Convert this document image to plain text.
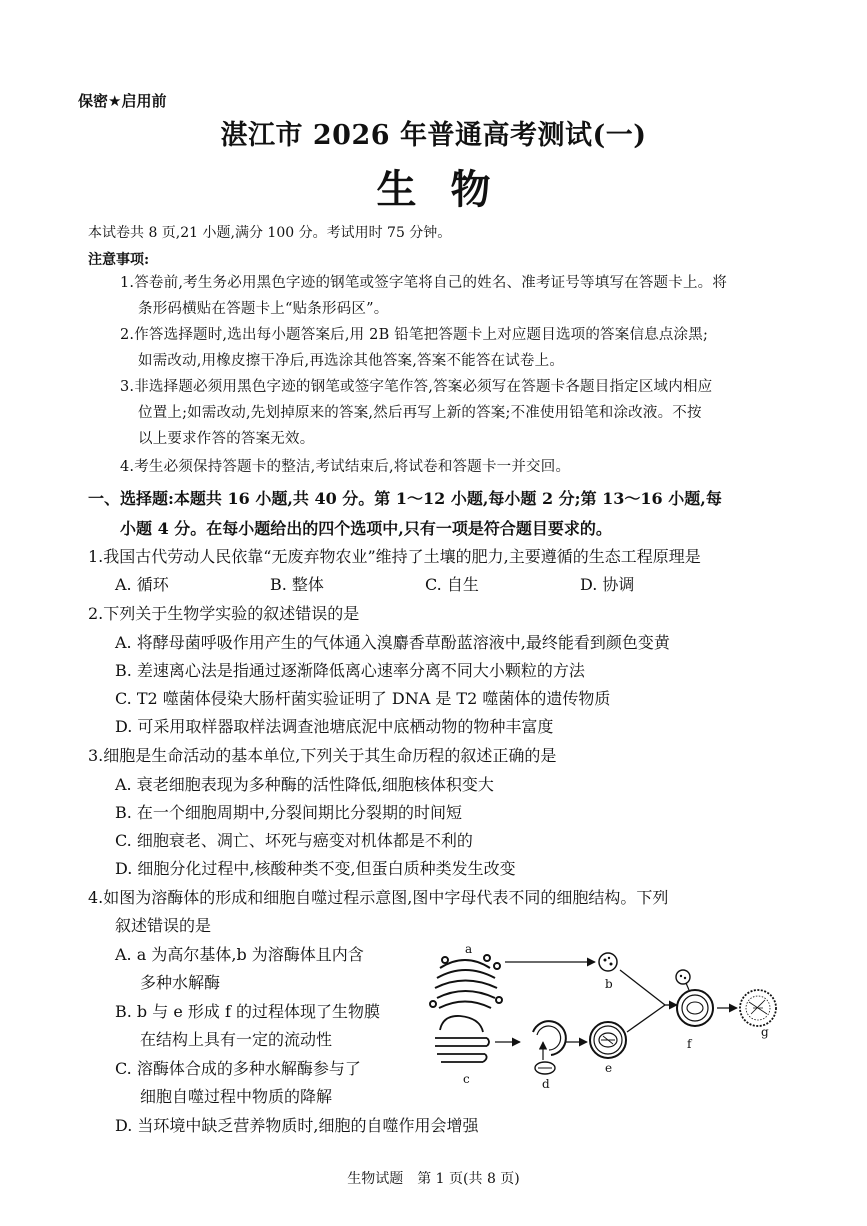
保密★启用前
湛江市 2026 年普通高考测试(一)
生物
本试卷共 8 页,21 小题,满分 100 分。考试用时 75 分钟。
注意事项:
1.答卷前,考生务必用黑色字迹的钢笔或签字笔将自己的姓名、准考证号等填写在答题卡上。将
条形码横贴在答题卡上“贴条形码区”。
2.作答选择题时,选出每小题答案后,用 2B 铅笔把答题卡上对应题目选项的答案信息点涂黑;
如需改动,用橡皮擦干净后,再选涂其他答案,答案不能答在试卷上。
3.非选择题必须用黑色字迹的钢笔或签字笔作答,答案必须写在答题卡各题目指定区域内相应
位置上;如需改动,先划掉原来的答案,然后再写上新的答案;不准使用铅笔和涂改液。不按
以上要求作答的答案无效。
4.考生必须保持答题卡的整洁,考试结束后,将试卷和答题卡一并交回。
一、选择题:本题共 16 小题,共 40 分。第 1～12 小题,每小题 2 分;第 13～16 小题,每
小题 4 分。在每小题给出的四个选项中,只有一项是符合题目要求的。
1.我国古代劳动人民依靠“无废弃物农业”维持了土壤的肥力,主要遵循的生态工程原理是
A. 循环	B. 整体	C. 自生	D. 协调
2.下列关于生物学实验的叙述错误的是
A. 将酵母菌呼吸作用产生的气体通入溴麝香草酚蓝溶液中,最终能看到颜色变黄
B. 差速离心法是指通过逐渐降低离心速率分离不同大小颗粒的方法
C. T2 噬菌体侵染大肠杆菌实验证明了 DNA 是 T2 噬菌体的遗传物质
D. 可采用取样器取样法调查池塘底泥中底栖动物的物种丰富度
3.细胞是生命活动的基本单位,下列关于其生命历程的叙述正确的是
A. 衰老细胞表现为多种酶的活性降低,细胞核体积变大
B. 在一个细胞周期中,分裂间期比分裂期的时间短
C. 细胞衰老、凋亡、坏死与癌变对机体都是不利的
D. 细胞分化过程中,核酸种类不变,但蛋白质种类发生改变
4.如图为溶酶体的形成和细胞自噬过程示意图,图中字母代表不同的细胞结构。下列
叙述错误的是
A. a 为高尔基体,b 为溶酶体且内含
多种水解酶
B. b 与 e 形成 f 的过程体现了生物膜
在结构上具有一定的流动性
C. 溶酶体合成的多种水解酶参与了
细胞自噬过程中物质的降解
D. 当环境中缺乏营养物质时,细胞的自噬作用会增强
a
b
c	d
e
f
g
生物试题　第 1 页(共 8 页)
